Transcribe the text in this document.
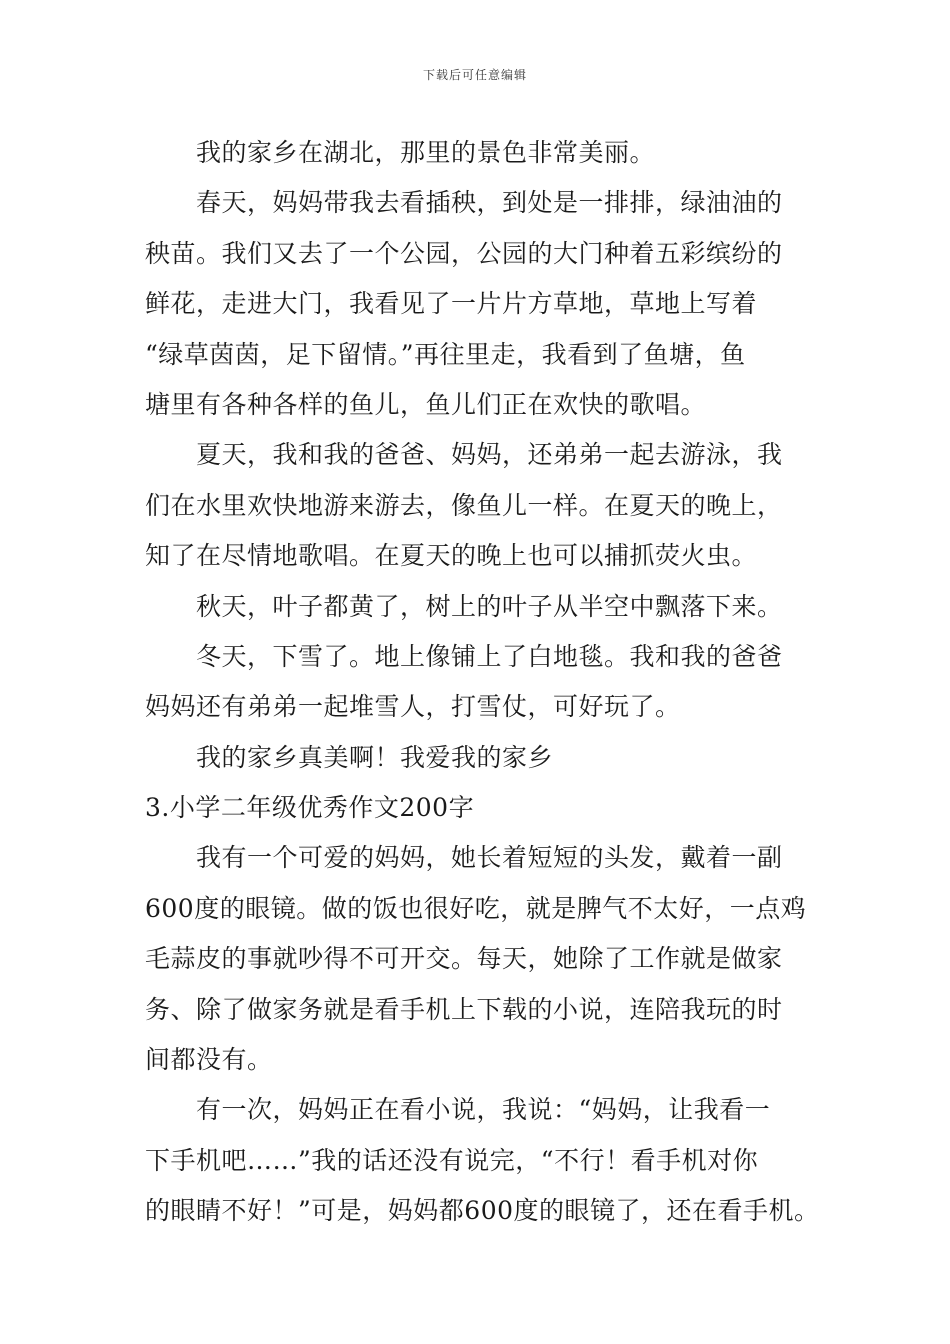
下载后可任意编辑
我的家乡在湖北，那里的景色非常美丽。
春天，妈妈带我去看插秧，到处是一排排，绿油油的
秧苗。我们又去了一个公园，公园的大门种着五彩缤纷的
鲜花，走进大门，我看见了一片片方草地，草地上写着
“绿草茵茵，足下留情。”再往里走，我看到了鱼塘，鱼
塘里有各种各样的鱼儿，鱼儿们正在欢快的歌唱。
夏天，我和我的爸爸、妈妈，还弟弟一起去游泳，我
们在水里欢快地游来游去，像鱼儿一样。在夏天的晚上，
知了在尽情地歌唱。在夏天的晚上也可以捕抓荧火虫。
秋天，叶子都黄了，树上的叶子从半空中飘落下来。
冬天，下雪了。地上像铺上了白地毯。我和我的爸爸
妈妈还有弟弟一起堆雪人，打雪仗，可好玩了。
我的家乡真美啊！我爱我的家乡
3.小学二年级优秀作文200字
我有一个可爱的妈妈，她长着短短的头发，戴着一副
600度的眼镜。做的饭也很好吃，就是脾气不太好，一点鸡
毛蒜皮的事就吵得不可开交。每天，她除了工作就是做家
务、除了做家务就是看手机上下载的小说，连陪我玩的时
间都没有。
有一次，妈妈正在看小说，我说：“妈妈，让我看一
下手机吧……”我的话还没有说完，“不行！看手机对你
的眼睛不好！”可是，妈妈都600度的眼镜了，还在看手机。
